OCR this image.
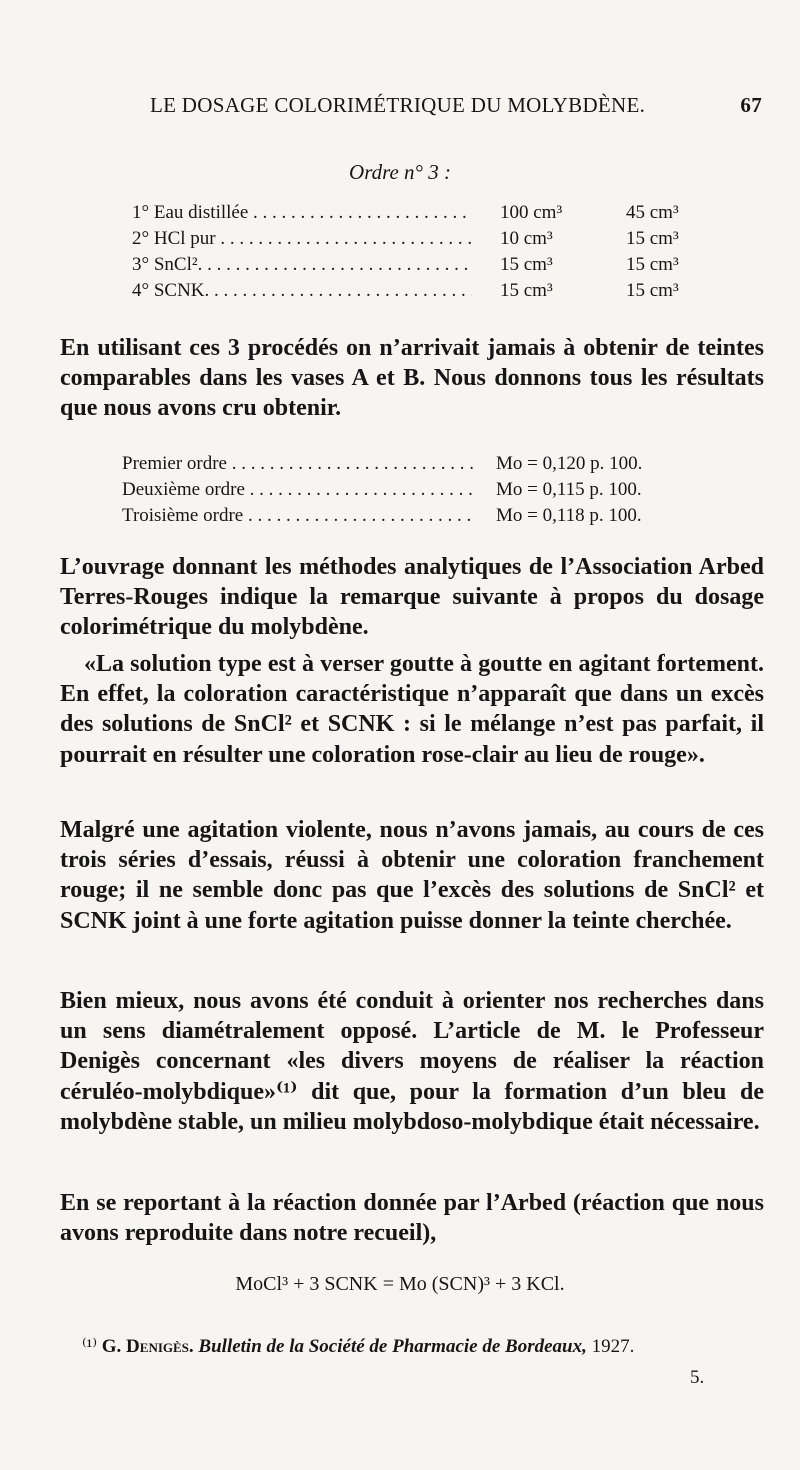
LE DOSAGE COLORIMÉTRIQUE DU MOLYBDÈNE.	67
Ordre n° 3 :
1° Eau distillée . . .	100 cm³	45 cm³
2° HCl pur . . .	10 cm³	15 cm³
3° SnCl². . . .	15 cm³	15 cm³
4° SCNK. . . .	15 cm³	15 cm³

En utilisant ces 3 procédés on n’arrivait jamais à obtenir de teintes comparables dans les vases A et B. Nous donnons tous les résultats que nous avons cru obtenir.

Premier ordre . . .	Mo = 0,120 p. 100.
Deuxième ordre . . .	Mo = 0,115 p. 100.
Troisième ordre . . .	Mo = 0,118 p. 100.

L’ouvrage donnant les méthodes analytiques de l’Association Arbed Terres-Rouges indique la remarque suivante à propos du dosage colorimétrique du molybdène.

«La solution type est à verser goutte à goutte en agitant fortement. En effet, la coloration caractéristique n’apparaît que dans un excès des solutions de SnCl² et SCNK : si le mélange n’est pas parfait, il pourrait en résulter une coloration rose-clair au lieu de rouge».

Malgré une agitation violente, nous n’avons jamais, au cours de ces trois séries d’essais, réussi à obtenir une coloration franchement rouge; il ne semble donc pas que l’excès des solutions de SnCl² et SCNK joint à une forte agitation puisse donner la teinte cherchée.

Bien mieux, nous avons été conduit à orienter nos recherches dans un sens diamétralement opposé. L’article de M. le Professeur Denigès concernant «les divers moyens de réaliser la réaction céruléo-molybdique»⁽¹⁾ dit que, pour la formation d’un bleu de molybdène stable, un milieu molybdoso-molybdique était nécessaire.

En se reportant à la réaction donnée par l’Arbed (réaction que nous avons reproduite dans notre recueil),

MoCl³ + 3 SCNK = Mo (SCN)³ + 3 KCl.
⁽¹⁾ G. Denigès. Bulletin de la Société de Pharmacie de Bordeaux, 1927.
5.
